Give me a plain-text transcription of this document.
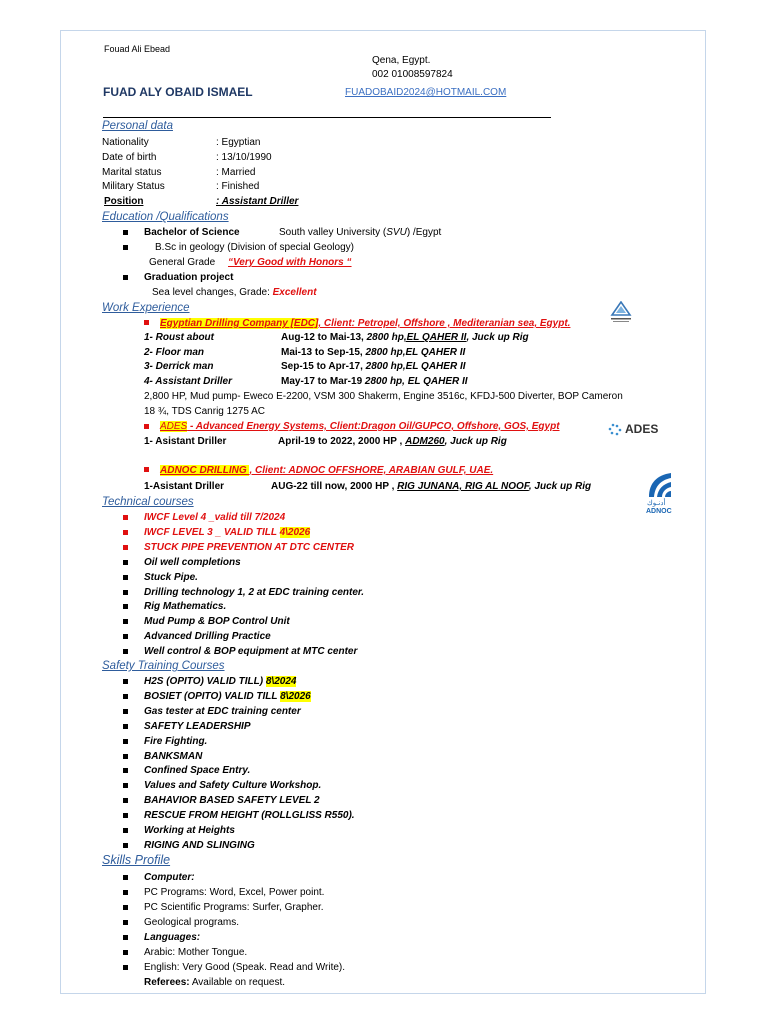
Fouad Ali Ebead
Qena, Egypt.
002 01008597824
FUAD ALY OBAID ISMAEL	FUADOBAID2024@HOTMAIL.COM
Personal data
Nationality	: Egyptian
Date of birth	: 13/10/1990
Marital status	: Married
Military Status	: Finished
Position	: Assistant Driller
Education /Qualifications
Bachelor of Science	South valley University (SVU) /Egypt
B.Sc in geology (Division of special Geology)
General Grade “Very Good with Honors “
Graduation project
Sea level changes, Grade: Excellent
Work Experience
Egyptian Drilling Company [EDC], Client: Petropel, Offshore , Mediteranian sea, Egypt.
1- Roust about	Aug-12 to Mai-13, 2800 hp,EL QAHER II, Juck up Rig
2- Floor man	Mai-13 to Sep-15, 2800 hp,EL QAHER II
3- Derrick man	Sep-15 to Apr-17, 2800 hp,EL QAHER II
4- Assistant Driller	May-17 to Mar-19 2800 hp, EL QAHER II
2,800 HP, Mud pump- Eweco E-2200, VSM 300 Shakerm, Engine 3516c, KFDJ-500 Diverter, BOP Cameron
18 ¾, TDS Canrig 1275 AC
ADES - Advanced Energy Systems, Client:Dragon Oil/GUPCO, Offshore, GOS, Egypt	ADES
1- Asistant Driller	April-19 to 2022, 2000 HP , ADM260, Juck up Rig
ADNOC DRILLING , Client: ADNOC OFFSHORE, ARABIAN GULF, UAE.
أدنـوك
ADNOC
1-Asistant Driller	AUG-22 till now, 2000 HP , RIG JUNANA, RIG AL NOOF, Juck up Rig
Technical courses
IWCF Level 4 _valid till 7/2024
IWCF LEVEL 3 _ VALID TILL 4\2026
STUCK PIPE PREVENTION AT DTC CENTER
Oil well completions
Stuck Pipe.
Drilling technology 1, 2 at EDC training center.
Rig Mathematics.
Mud Pump & BOP Control Unit
Advanced Drilling Practice
Well control & BOP equipment at MTC center
Safety Training Courses
H2S (OPITO) VALID TILL) 8\2024
BOSIET (OPITO) VALID TILL 8\2026
Gas tester at EDC training center
SAFETY LEADERSHIP
Fire Fighting.
BANKSMAN
Confined Space Entry.
Values and Safety Culture Workshop.
BAHAVIOR BASED SAFETY LEVEL 2
RESCUE FROM HEIGHT (ROLLGLISS R550).
Working at Heights
RIGING AND SLINGING
Skills Profile
Computer:
PC Programs: Word, Excel, Power point.
PC Scientific Programs: Surfer, Grapher.
Geological programs.
Languages:
Arabic: Mother Tongue.
English: Very Good (Speak. Read and Write).
Referees: Available on request.
